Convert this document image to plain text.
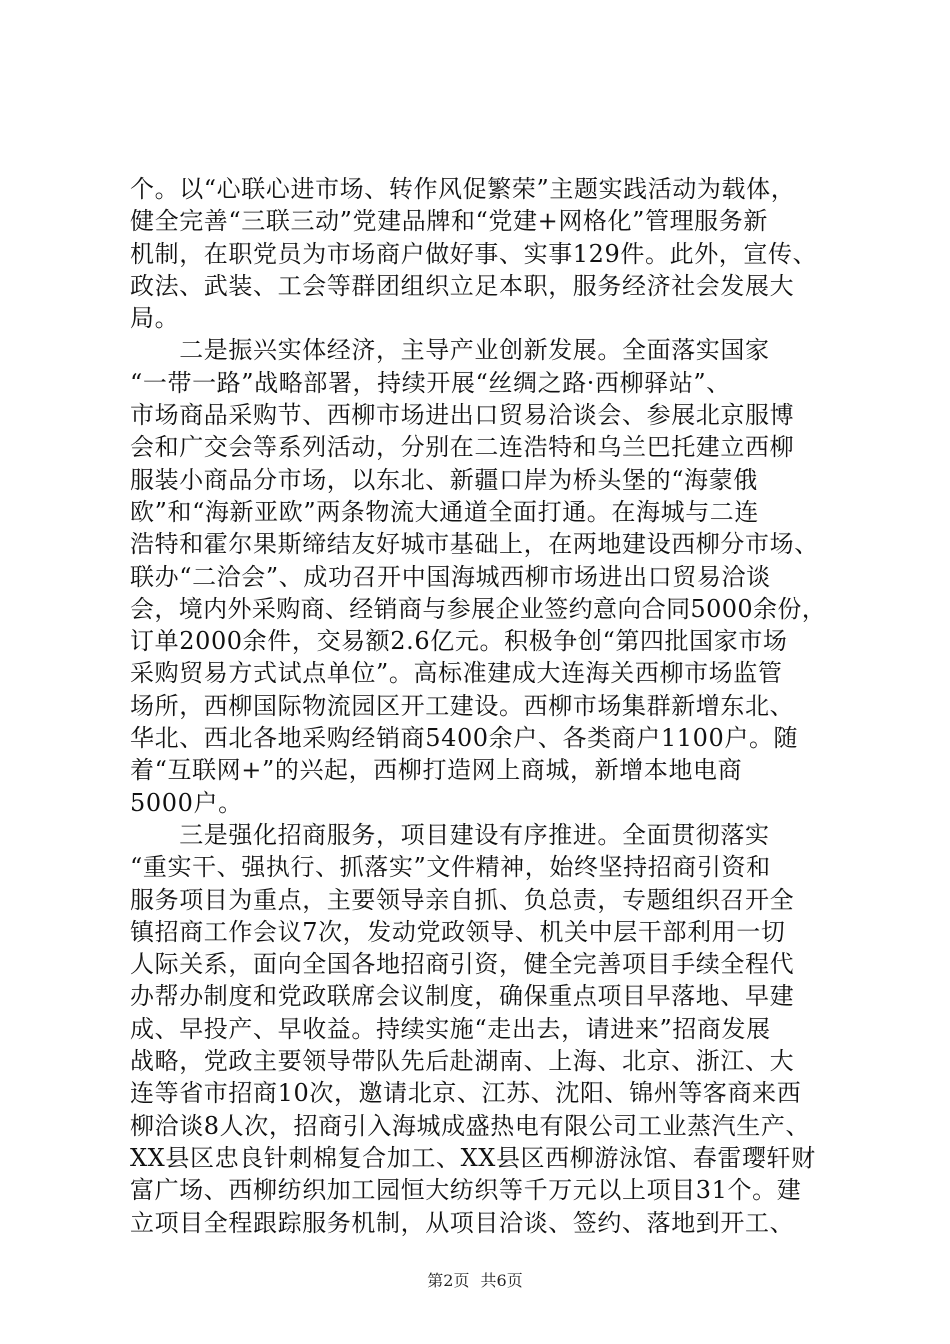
个。以“心联心进市场、转作风促繁荣”主题实践活动为载体，
健全完善“三联三动”党建品牌和“党建+网格化”管理服务新
机制，在职党员为市场商户做好事、实事129件。此外，宣传、
政法、武装、工会等群团组织立足本职，服务经济社会发展大
局。
　　二是振兴实体经济，主导产业创新发展。全面落实国家
“一带一路”战略部署，持续开展“丝绸之路·西柳驿站”、
市场商品采购节、西柳市场进出口贸易洽谈会、参展北京服博
会和广交会等系列活动，分别在二连浩特和乌兰巴托建立西柳
服装小商品分市场，以东北、新疆口岸为桥头堡的“海蒙俄
欧”和“海新亚欧”两条物流大通道全面打通。在海城与二连
浩特和霍尔果斯缔结友好城市基础上，在两地建设西柳分市场、
联办“二洽会”、成功召开中国海城西柳市场进出口贸易洽谈
会，境内外采购商、经销商与参展企业签约意向合同5000余份，
订单2000余件，交易额2.6亿元。积极争创“第四批国家市场
采购贸易方式试点单位”。高标准建成大连海关西柳市场监管
场所，西柳国际物流园区开工建设。西柳市场集群新增东北、
华北、西北各地采购经销商5400余户、各类商户1100户。随
着“互联网+”的兴起，西柳打造网上商城，新增本地电商
5000户。
　　三是强化招商服务，项目建设有序推进。全面贯彻落实
“重实干、强执行、抓落实”文件精神，始终坚持招商引资和
服务项目为重点，主要领导亲自抓、负总责，专题组织召开全
镇招商工作会议7次，发动党政领导、机关中层干部利用一切
人际关系，面向全国各地招商引资，健全完善项目手续全程代
办帮办制度和党政联席会议制度，确保重点项目早落地、早建
成、早投产、早收益。持续实施“走出去，请进来”招商发展
战略，党政主要领导带队先后赴湖南、上海、北京、浙江、大
连等省市招商10次，邀请北京、江苏、沈阳、锦州等客商来西
柳洽谈8人次，招商引入海城成盛热电有限公司工业蒸汽生产、
XX县区忠良针刺棉复合加工、XX县区西柳游泳馆、春雷璎轩财
富广场、西柳纺织加工园恒大纺织等千万元以上项目31个。建
立项目全程跟踪服务机制，从项目洽谈、签约、落地到开工、
第2页 共6页
